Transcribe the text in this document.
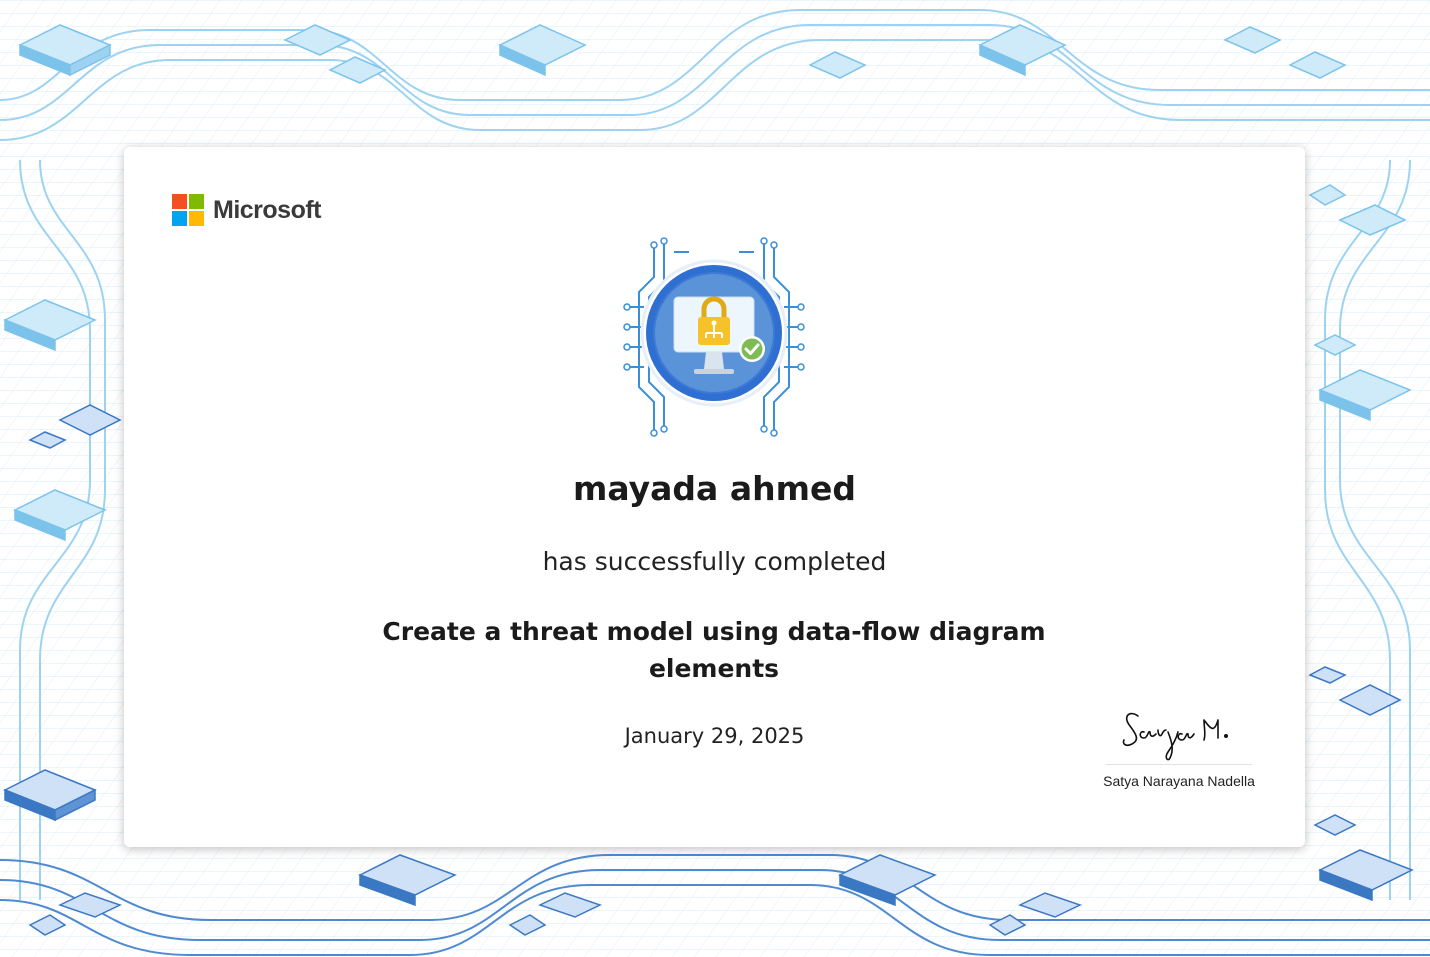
Microsoft
mayada ahmed
has successfully completed
Create a threat model using data-flow diagram elements
January 29, 2025
Satya Narayana Nadella
